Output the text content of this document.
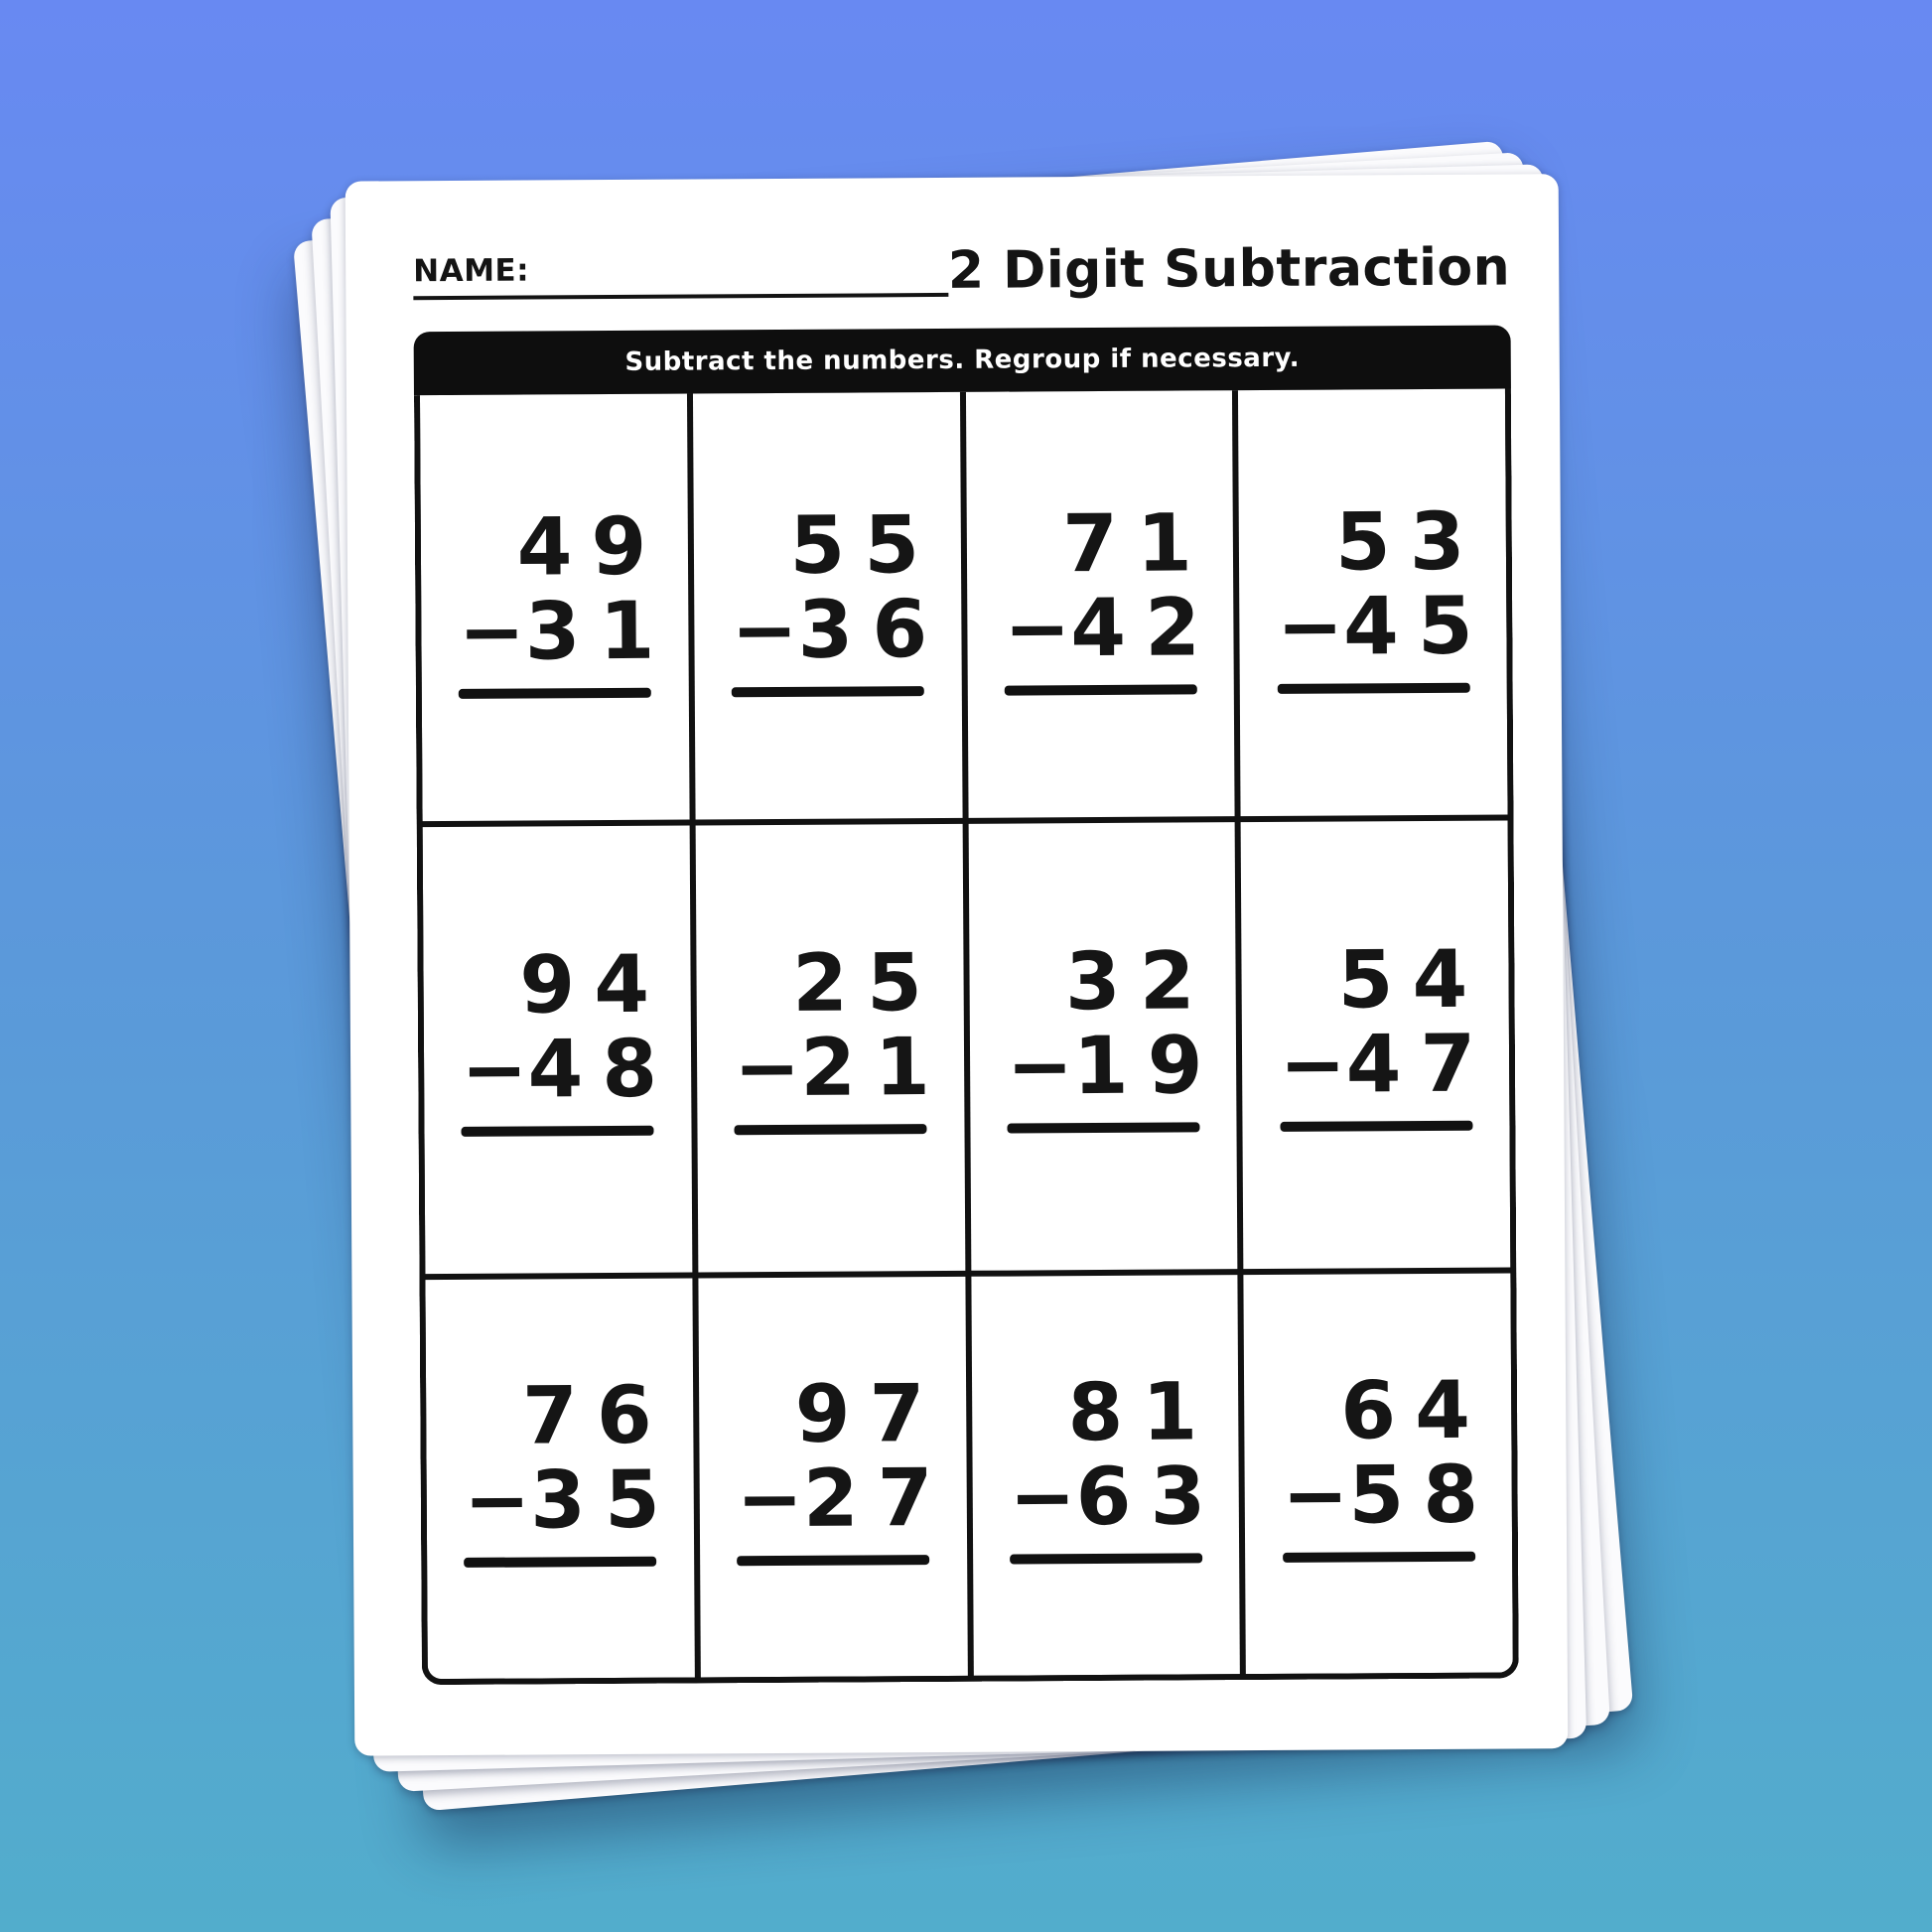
NAME:	2 Digit Subtraction
Subtract the numbers. Regroup if necessary.
49
− 31
55
− 36
71
− 42
53
− 45
94
− 48
25
− 21
32
− 19
54
− 47
76
− 35
97
− 27
81
− 63
64
− 58
